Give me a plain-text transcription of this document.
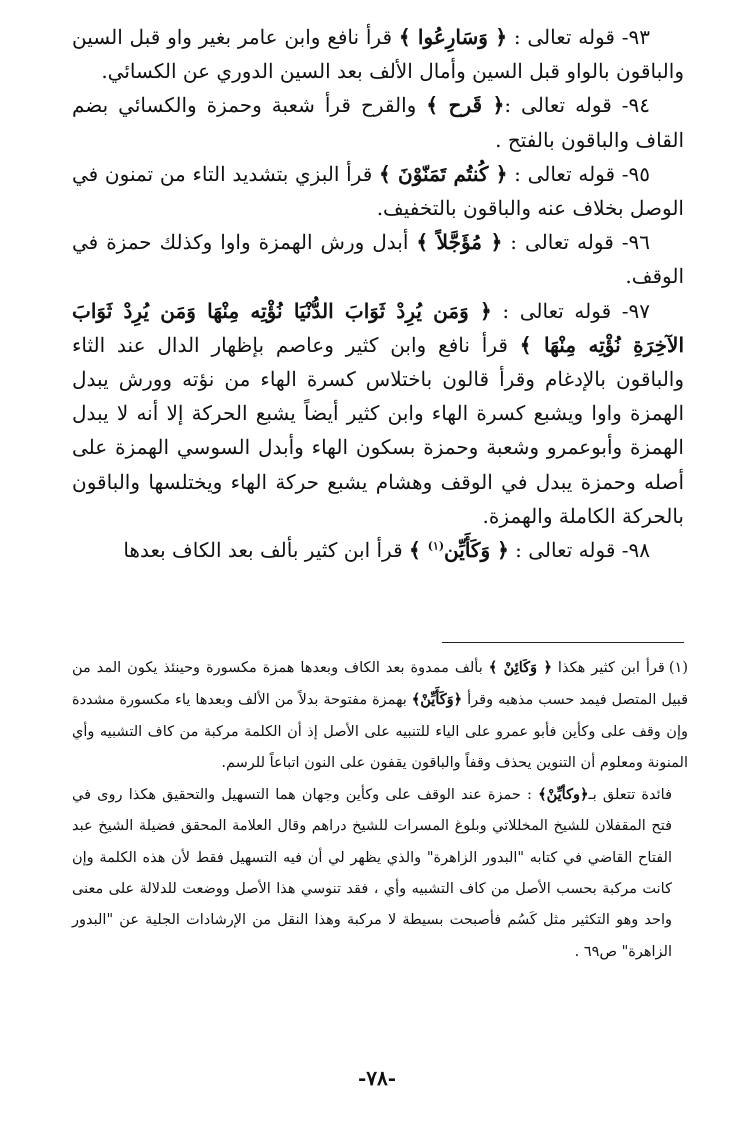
٩٣- قوله تعالى : ﴿ وَسَارِعُوا ﴾ قرأ نافع وابن عامر بغير واو قبل السين والباقون بالواو قبل السين وأمال الألف بعد السين الدوري عن الكسائي.

٩٤- قوله تعالى :﴿ قَرح ﴾ والقرح قرأ شعبة وحمزة والكسائي بضم القاف والباقون بالفتح .

٩٥- قوله تعالى : ﴿ كُنتُم تَمَنّوْنَ ﴾ قرأ البزي بتشديد التاء من تمنون في الوصل بخلاف عنه والباقون بالتخفيف.

٩٦- قوله تعالى : ﴿ مُؤَجَّلاً ﴾ أبدل ورش الهمزة واوا وكذلك حمزة في الوقف.

٩٧- قوله تعالى : ﴿ وَمَن يُرِدْ ثَوَابَ الدُّنْيَا نُؤْتِه مِنْهَا وَمَن يُرِدْ ثَوَابَ الآخِرَةِ نُؤْتِه مِنْهَا ﴾ قرأ نافع وابن كثير وعاصم بإظهار الدال عند الثاء والباقون بالإدغام وقرأ قالون باختلاس كسرة الهاء من نؤته وورش يبدل الهمزة واوا ويشبع كسرة الهاء وابن كثير أيضاً يشبع الحركة إلا أنه لا يبدل الهمزة وأبوعمرو وشعبة وحمزة بسكون الهاء وأبدل السوسي الهمزة على أصله وحمزة يبدل في الوقف وهشام يشبع حركة الهاء ويختلسها والباقون بالحركة الكاملة والهمزة.

٩٨- قوله تعالى : ﴿ وَكَأَيِّن$^{(١)}$ ﴾ قرأ ابن كثير بألف بعد الكاف بعدها

(١)قرأ ابن كثير هكذا ﴿ وَكَائِنْ ﴾ بألف ممدوة بعد الكاف وبعدها همزة مكسورة وحينئذ يكون المد من قبيل المتصل فيمد حسب مذهبه وقرأ ﴿وَكَأَيِّنْ﴾ بهمزة مفتوحة بدلاً من الألف وبعدها ياء مكسورة مشددة وإن وقف على وكأين فأبو عمرو على الياء للتنبيه على الأصل إذ أن الكلمة مركبة من كاف التشبيه وأي المنونة ومعلوم أن التنوين يحذف وقفاً والباقون يقفون على النون اتباعاً للرسم.

فائدة تتعلق بـ﴿وكأيِّنْ﴾ : حمزة عند الوقف على وكأين وجهان هما التسهيل والتحقيق هكذا روى في فتح المقفلان للشيخ المخللاتي وبلوغ المسرات للشيخ دراهم وقال العلامة المحقق فضيلة الشيخ عبد الفتاح القاضي في كتابه "البدور الزاهرة" والذي يظهر لي أن فيه التسهيل فقط لأن هذه الكلمة وإن كانت مركبة بحسب الأصل من كاف التشبيه وأي ، فقد تنوسي هذا الأصل ووضعت للدلالة على معنى واحد وهو التكثير مثل كَسُم فأصبحت بسيطة لا مركبة وهذا النقل من الإرشادات الجلية عن "البدور الزاهرة" ص٦٩ .

-٧٨-
